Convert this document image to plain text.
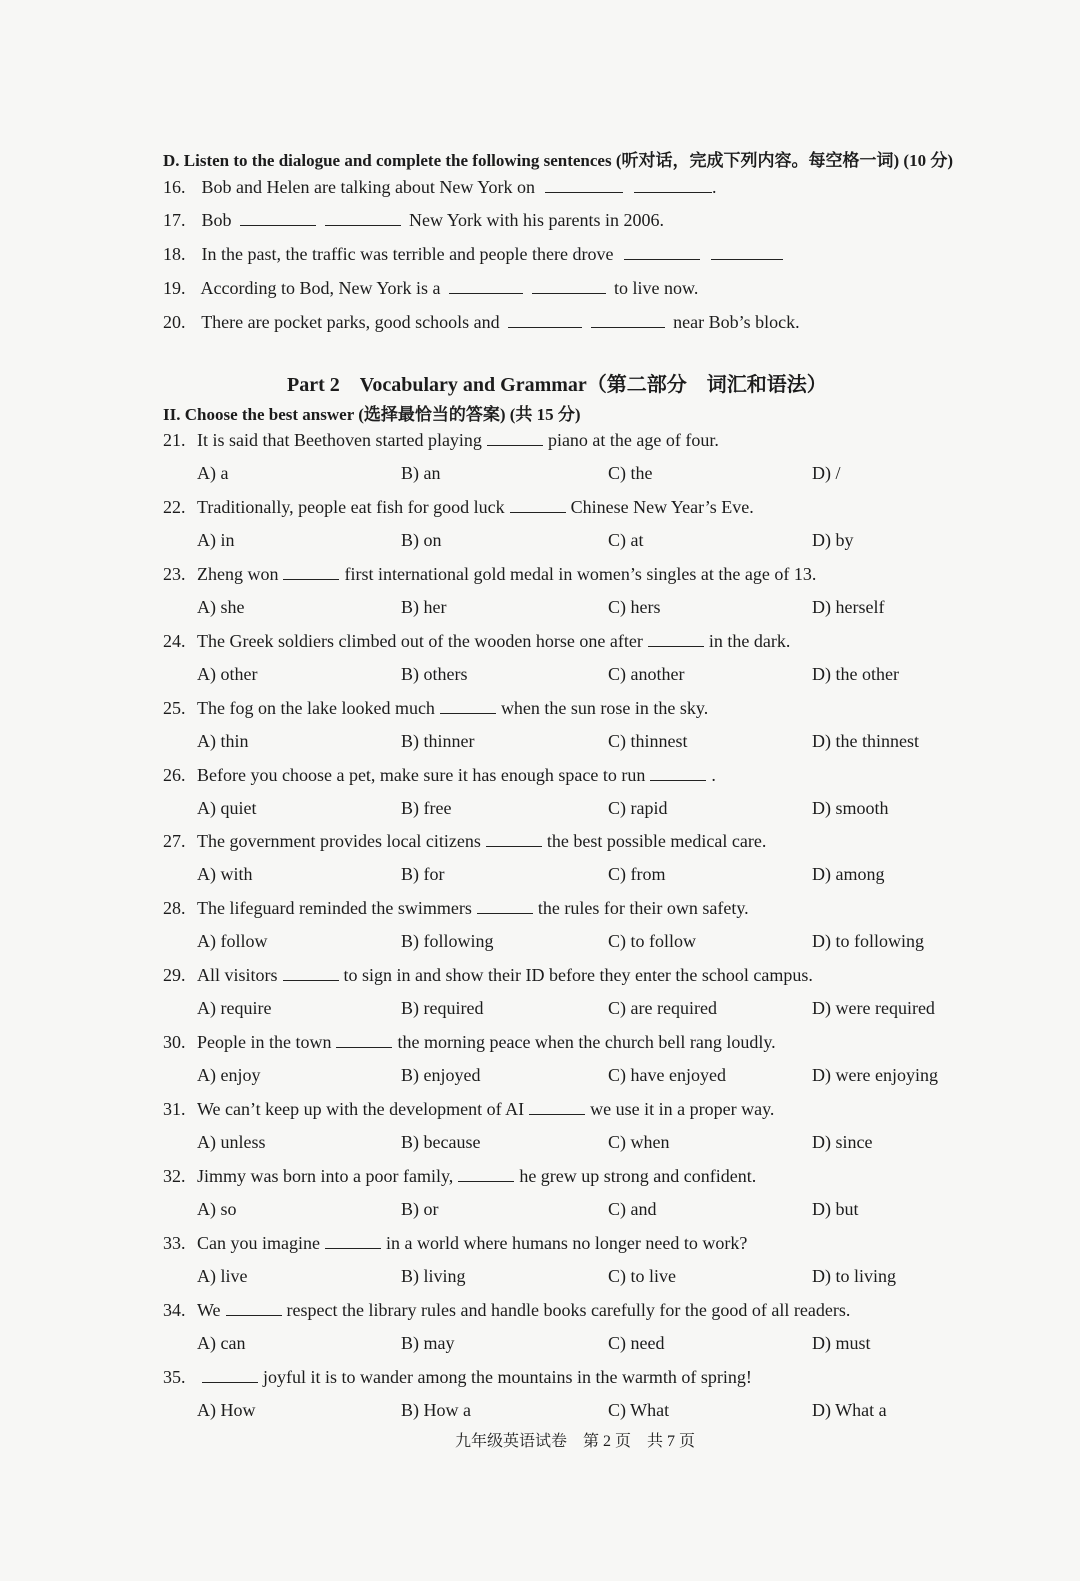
D. Listen to the dialogue and complete the following sentences (听对话，完成下列内容。每空格一词) (10 分)
16. Bob and Helen are talking about New York on	.
17. Bob	New York with his parents in 2006.
18. In the past, the traffic was terrible and people there drove
19. According to Bod, New York is a	to live now.
20. There are pocket parks, good schools and	near Bob’s block.
Part 2　Vocabulary and Grammar（第二部分　词汇和语法）
II. Choose the best answer (选择最恰当的答案) (共 15 分)
21. It is said that Beethoven started playing	piano at the age of four.
A) a	B) an	C) the	D) /
22. Traditionally, people eat fish for good luck	Chinese New Year’s Eve.
A) in	B) on	C) at	D) by
23. Zheng won	first international gold medal in women’s singles at the age of 13.
A) she	B) her	C) hers	D) herself
24. The Greek soldiers climbed out of the wooden horse one after	in the dark.
A) other	B) others	C) another	D) the other
25. The fog on the lake looked much	when the sun rose in the sky.
A) thin	B) thinner	C) thinnest	D) the thinnest
26. Before you choose a pet, make sure it has enough space to run	.
A) quiet	B) free	C) rapid	D) smooth
27. The government provides local citizens	the best possible medical care.
A) with	B) for	C) from	D) among
28. The lifeguard reminded the swimmers	the rules for their own safety.
A) follow	B) following	C) to follow	D) to following
29. All visitors	to sign in and show their ID before they enter the school campus.
A) require	B) required	C) are required	D) were required
30. People in the town	the morning peace when the church bell rang loudly.
A) enjoy	B) enjoyed	C) have enjoyed	D) were enjoying
31. We can’t keep up with the development of AI	we use it in a proper way.
A) unless	B) because	C) when	D) since
32. Jimmy was born into a poor family,	he grew up strong and confident.
A) so	B) or	C) and	D) but
33. Can you imagine	in a world where humans no longer need to work?
A) live	B) living	C) to live	D) to living
34. We	respect the library rules and handle books carefully for the good of all readers.
A) can	B) may	C) need	D) must
35.	joyful it is to wander among the mountains in the warmth of spring!
A) How	B) How a	C) What	D) What a
九年级英语试卷　第 2 页　共 7 页
